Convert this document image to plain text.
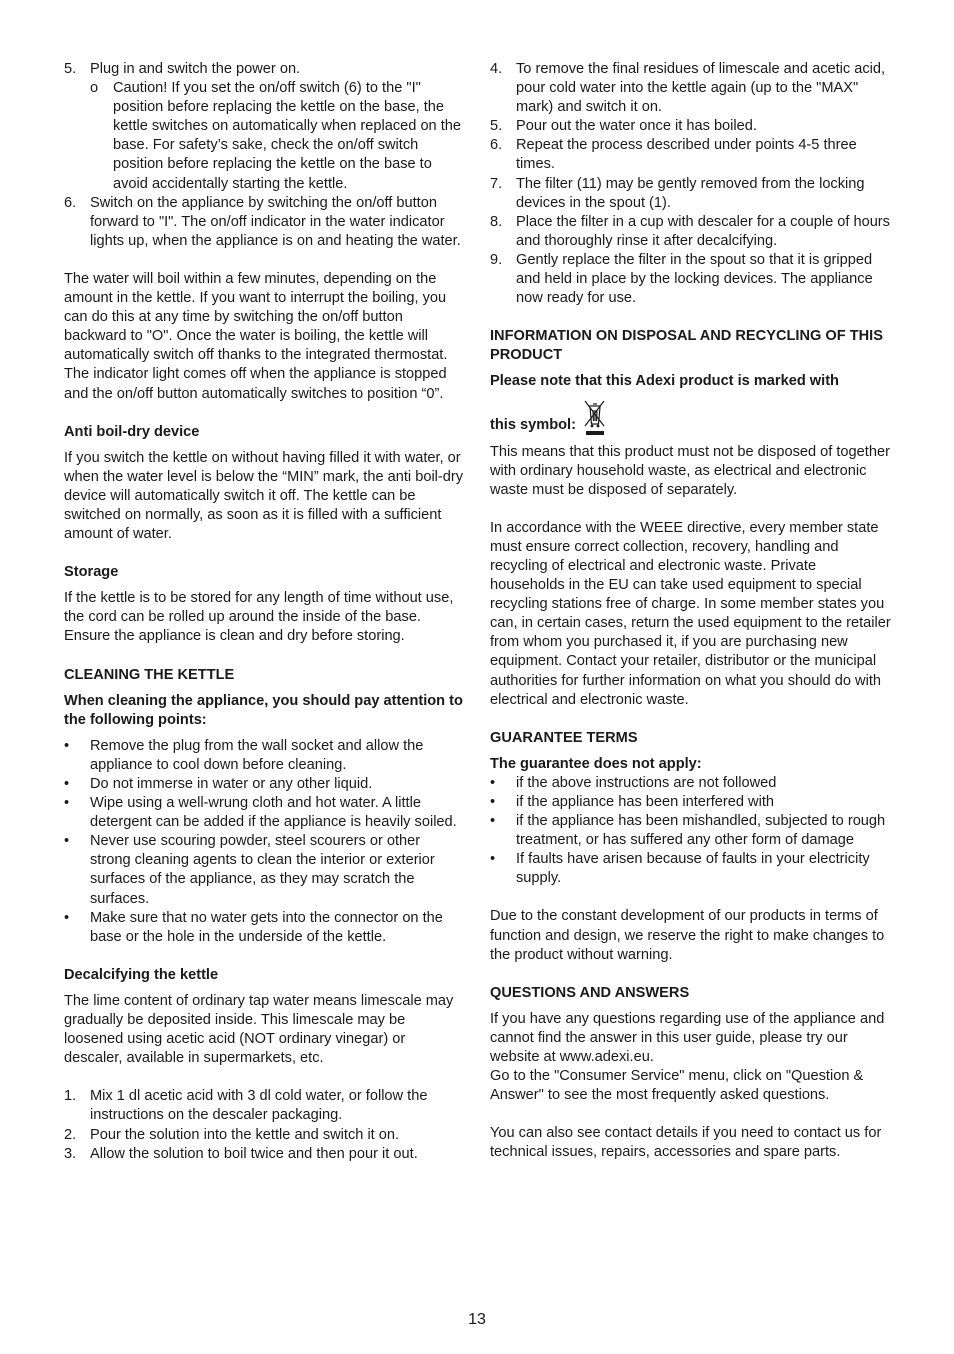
5. Plug in and switch the power on.
o Caution! If you set the on/off switch (6) to the "I" position before replacing the kettle on the base, the kettle switches on automatically when replaced on the base. For safety’s sake, check the on/off switch position before replacing the kettle on the base to avoid accidentally starting the kettle.
6. Switch on the appliance by switching the on/off button forward to "I". The on/off indicator in the water indicator lights up, when the appliance is on and heating the water.

The water will boil within a few minutes, depending on the amount in the kettle. If you want to interrupt the boiling, you can do this at any time by switching the on/off button backward to "O". Once the water is boiling, the kettle will automatically switch off thanks to the integrated thermostat. The indicator light comes off when the appliance is stopped and the on/off button automatically switches to position “0”.

Anti boil-dry device

If you switch the kettle on without having filled it with water, or when the water level is below the “MIN” mark, the anti boil-dry device will automatically switch it off. The kettle can be switched on normally, as soon as it is filled with a sufficient amount of water.

Storage

If the kettle is to be stored for any length of time without use, the cord can be rolled up around the inside of the base. Ensure the appliance is clean and dry before storing.

CLEANING THE KETTLE

When cleaning the appliance, you should pay attention to the following points:

• Remove the plug from the wall socket and allow the appliance to cool down before cleaning.
• Do not immerse in water or any other liquid.
• Wipe using a well-wrung cloth and hot water. A little detergent can be added if the appliance is heavily soiled.
• Never use scouring powder, steel scourers or other strong cleaning agents to clean the interior or exterior surfaces of the appliance, as they may scratch the surfaces.
• Make sure that no water gets into the connector on the base or the hole in the underside of the kettle.

Decalcifying the kettle

The lime content of ordinary tap water means limescale may gradually be deposited inside. This limescale may be loosened using acetic acid (NOT ordinary vinegar) or descaler, available in supermarkets, etc.

1. Mix 1 dl acetic acid with 3 dl cold water, or follow the instructions on the descaler packaging.
2. Pour the solution into the kettle and switch it on.
3. Allow the solution to boil twice and then pour it out.
4. To remove the final residues of limescale and acetic acid, pour cold water into the kettle again (up to the "MAX" mark) and switch it on.
5. Pour out the water once it has boiled.
6. Repeat the process described under points 4-5 three times.
7. The filter (11) may be gently removed from the locking devices in the spout (1).
8. Place the filter in a cup with descaler for a couple of hours and thoroughly rinse it after decalcifying.
9. Gently replace the filter in the spout so that it is gripped and held in place by the locking devices. The appliance now ready for use.

INFORMATION ON DISPOSAL AND RECYCLING OF THIS PRODUCT

Please note that this Adexi product is marked with

this symbol:

This means that this product must not be disposed of together with ordinary household waste, as electrical and electronic waste must be disposed of separately.

In accordance with the WEEE directive, every member state must ensure correct collection, recovery, handling and recycling of electrical and electronic waste. Private households in the EU can take used equipment to special recycling stations free of charge. In some member states you can, in certain cases, return the used equipment to the retailer from whom you purchased it, if you are purchasing new equipment. Contact your retailer, distributor or the municipal authorities for further information on what you should do with electrical and electronic waste.

GUARANTEE TERMS

The guarantee does not apply:

• if the above instructions are not followed
• if the appliance has been interfered with
• if the appliance has been mishandled, subjected to rough treatment, or has suffered any other form of damage
• If faults have arisen because of faults in your electricity supply.

Due to the constant development of our products in terms of function and design, we reserve the right to make changes to the product without warning.

QUESTIONS AND ANSWERS

If you have any questions regarding use of the appliance and cannot find the answer in this user guide, please try our website at www.adexi.eu.

Go to the "Consumer Service" menu, click on "Question & Answer" to see the most frequently asked questions.

You can also see contact details if you need to contact us for technical issues, repairs, accessories and spare parts.

13
